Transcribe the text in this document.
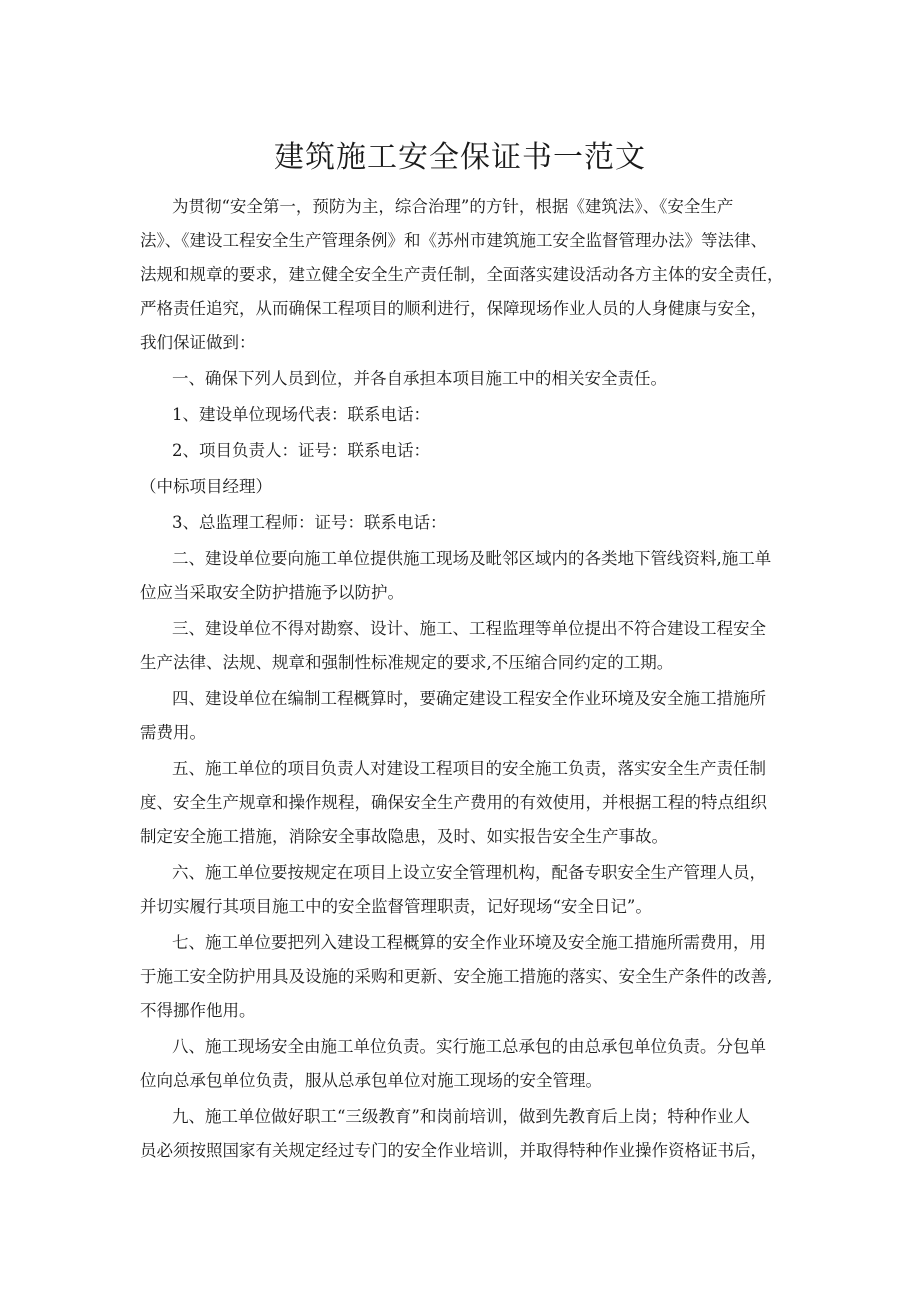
建筑施工安全保证书一范文
为贯彻“安全第一，预防为主，综合治理”的方针，根据《建筑法》、《安全生产
法》、《建设工程安全生产管理条例》和《苏州市建筑施工安全监督管理办法》等法律、
法规和规章的要求，建立健全安全生产责任制，全面落实建设活动各方主体的安全责任，
严格责任追究，从而确保工程项目的顺利进行，保障现场作业人员的人身健康与安全，
我们保证做到：
一、确保下列人员到位，并各自承担本项目施工中的相关安全责任。
1、建设单位现场代表：联系电话：
2、项目负责人：证号：联系电话：
（中标项目经理）
3、总监理工程师：证号：联系电话：
二、建设单位要向施工单位提供施工现场及毗邻区域内的各类地下管线资料,施工单
位应当采取安全防护措施予以防护。
三、建设单位不得对勘察、设计、施工、工程监理等单位提出不符合建设工程安全
生产法律、法规、规章和强制性标准规定的要求,不压缩合同约定的工期。
四、建设单位在编制工程概算时，要确定建设工程安全作业环境及安全施工措施所
需费用。
五、施工单位的项目负责人对建设工程项目的安全施工负责，落实安全生产责任制
度、安全生产规章和操作规程，确保安全生产费用的有效使用，并根据工程的特点组织
制定安全施工措施，消除安全事故隐患，及时、如实报告安全生产事故。
六、施工单位要按规定在项目上设立安全管理机构，配备专职安全生产管理人员，
并切实履行其项目施工中的安全监督管理职责，记好现场“安全日记”。
七、施工单位要把列入建设工程概算的安全作业环境及安全施工措施所需费用，用
于施工安全防护用具及设施的采购和更新、安全施工措施的落实、安全生产条件的改善,
不得挪作他用。
八、施工现场安全由施工单位负责。实行施工总承包的由总承包单位负责。分包单
位向总承包单位负责，服从总承包单位对施工现场的安全管理。
九、施工单位做好职工“三级教育”和岗前培训，做到先教育后上岗；特种作业人
员必须按照国家有关规定经过专门的安全作业培训，并取得特种作业操作资格证书后，
